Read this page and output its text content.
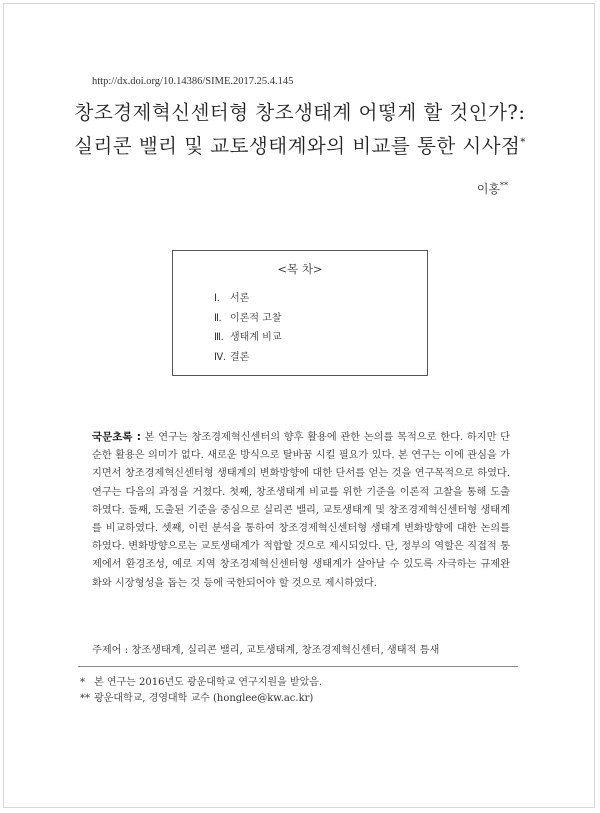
http://dx.doi.org/10.14386/SIME.2017.25.4.145
창조경제혁신센터형 창조생태계 어떻게 할 것인가?:
실리콘 밸리 및 교토생태계와의 비교를 통한 시사점*
이홍**
<목 차>
Ⅰ. 서론
Ⅱ. 이론적 고찰
Ⅲ. 생태계 비교
Ⅳ. 결론
국문초록 : 본 연구는 창조경제혁신센터의 향후 활용에 관한 논의를 목적으로 한다. 하지만 단순한 활용은 의미가 없다. 새로운 방식으로 탈바꿈 시킬 필요가 있다. 본 연구는 이에 관심을 가지면서 창조경제혁신센터형 생태계의 변화방향에 대한 단서를 얻는 것을 연구목적으로 하였다. 연구는 다음의 과정을 거쳤다. 첫째, 창조생태계 비교를 위한 기준을 이론적 고찰을 통해 도출하였다. 둘째, 도출된 기준을 중심으로 실리콘 밸리, 교토생태계 및 창조경제혁신센터형 생태계를 비교하였다. 셋째, 이런 분석을 통하여 창조경제혁신센터형 생태계 변화방향에 대한 논의를 하였다. 변화방향으로는 교토생태계가 적합할 것으로 제시되었다. 단, 정부의 역할은 직접적 통제에서 환경조성, 예로 지역 창조경제혁신센터형 생태계가 살아날 수 있도록 자극하는 규제완화와 시장형성을 돕는 것 등에 국한되어야 할 것으로 제시하였다.
주제어 : 창조생태계, 실리콘 밸리, 교토생태계, 창조경제혁신센터, 생태적 틈새
* 본 연구는 2016년도 광운대학교 연구지원을 받았음.
** 광운대학교, 경영대학 교수 (honglee@kw.ac.kr)
